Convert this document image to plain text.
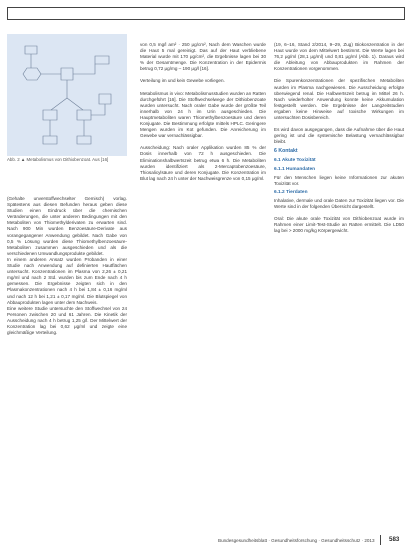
Abb. 2 ▲ Metabolismus von Dithiobenzoat. Aus [16]

(Gehalte unverstoffwechselter Gemisch) vorlag. Spätestens aus diesen Befunden heraus geben diese Studien einen Eindruck über die chemischen Veränderungen, die unter anderen Bedingungen mit den Metaboliten von Thiomethylderivaten zu erwarten sind. Nach 900 Min wurden Benzoesäure-Derivate aus vorangegangener Anwendung gebildet. Nach Gabe von 0,5 % Lösung wurden diese Thiomethylbenzoesäure-Metaboliten zusammen ausgeschieden und als die verschiedenen Umwandlungsprodukte gebildet.

In einem anderen Ansatz wurden Probanden in einer Studie nach Anwendung auf definierten Hautflächen untersucht. Konzentrationen im Plasma von 2,26 ± 0,21 mg/ml und nach 2 Std. wurden bis zum Ende nach 4 h gemessen. Die Ergebnisse zeigten sich in den Plasmakonzentrationen nach 4 h bei 1,84 ± 0,16 mg/ml und nach 12 h bei 1,21 ± 0,17 mg/ml. Die Blutspiegel von Abbauprodukten lagen unter dem Nachweis.

Eine weitere Studie untersuchte den Stoffwechsel von 24 Personen zwischen 20 und 61 Jahren. Die Kinetik der Ausscheidung nach 4 h betrug 1,25 g/l. Der Mittelwert der Konzentration lag bei 0,62 μg/ml und zeigte eine gleichmäßige Verteilung.

von 0,5 mg/l am² · 250 μg/cm², Nach dem Waschen wurde die Haut 5 mal gereinigt. Das auf der Haut verbliebene Material wurde mit 170 μg/cm², die Ergebnisse lagen bei 30 % der Gesamtmenge. Die Konzentration in der Epidermis betrug 0,72 μg/mg – 190 μg/l [16].

Verteilung im und kein Gewebe vorliegen.

Metabolismus in vivo: Metabolismusstudien wurden an Ratten durchgeführt [16]. Die Stoffwechselwege der Dithiobenzoate wurden untersucht. Nach oraler Gabe wurde der größte Teil innerhalb von 24 h im Urin ausgeschieden. Die Hauptmetaboliten waren Thiomethylbenzoesäure und deren Konjugate. Die Bestimmung erfolgte mittels HPLC. Geringere Mengen wurden im Kot gefunden. Die Anreicherung im Gewebe war vernachlässigbar.

Ausscheidung: Nach oraler Applikation wurden 85 % der Dosis innerhalb von 72 h ausgeschieden. Die Eliminationshalbwertszeit betrug etwa 6 h. Die Metaboliten wurden identifiziert als 2-Mercaptobenzoesäure, Thiosalicylsäure und deren Konjugate. Die Konzentration im Blut lag nach 24 h unter der Nachweisgrenze von 0,15 μg/ml.

(19, 6–16, Stand 2/2014, 9–29, Zug) Biokonzentration in der Haut wurde von dem Mittelwert bestimmt. Die Werte lagen bei 76,2 μg/ml (28,1 μg/ml) und 0,81 μg/ml (Abb. 1). Daraus wird die Ableitung von Abbauprodukten im Rahmen der Konzentrationen vorgenommen.

Die Spurenkonzentrationen der spezifischen Metaboliten wurden im Plasma nachgewiesen. Die Ausscheidung erfolgte überwiegend renal. Die Halbwertszeit betrug im Mittel 26 h. Nach wiederholter Anwendung konnte keine Akkumulation festgestellt werden. Die Ergebnisse der Langzeitstudien ergaben keine Hinweise auf toxische Wirkungen im untersuchten Dosisbereich.

Es wird davon ausgegangen, dass die Aufnahme über die Haut gering ist und die systemische Belastung vernachlässigbar bleibt.

6 Kontakt
6.1 Akute Toxizität
6.1.1 Humandaten

Für den Menschen liegen keine Informationen zur akuten Toxizität vor.

6.1.2 Tierdaten

Inhalative, dermale und orale Daten zur Toxizität liegen vor. Die Werte sind in der folgenden Übersicht dargestellt.

Oral: Die akute orale Toxizität von Dithiobenzoat wurde im Rahmen einer Limit-Test-Studie an Ratten ermittelt. Die LD50 lag bei > 2000 mg/kg Körpergewicht.

Bundesgesundheitsblatt · Gesundheitsforschung · Gesundheitsschutz · 2013 583
